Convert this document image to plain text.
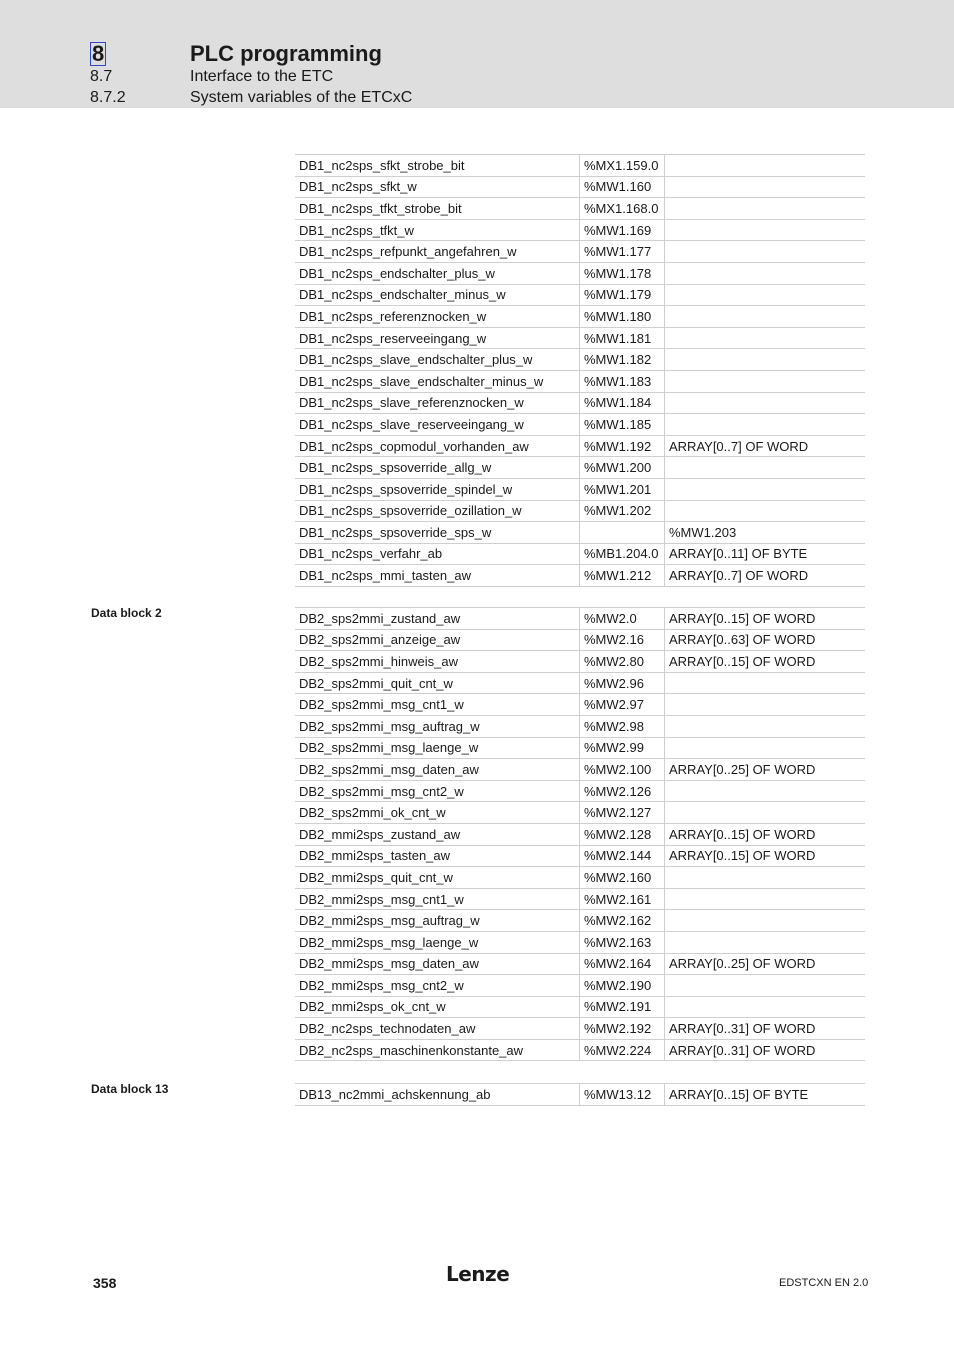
8	PLC programming
8.7	Interface to the ETC
8.7.2	System variables of the ETCxC
DB1_nc2sps_sfkt_strobe_bit	%MX1.159.0	
DB1_nc2sps_sfkt_w	%MW1.160	
DB1_nc2sps_tfkt_strobe_bit	%MX1.168.0	
DB1_nc2sps_tfkt_w	%MW1.169	
DB1_nc2sps_refpunkt_angefahren_w	%MW1.177	
DB1_nc2sps_endschalter_plus_w	%MW1.178	
DB1_nc2sps_endschalter_minus_w	%MW1.179	
DB1_nc2sps_referenznocken_w	%MW1.180	
DB1_nc2sps_reserveeingang_w	%MW1.181	
DB1_nc2sps_slave_endschalter_plus_w	%MW1.182	
DB1_nc2sps_slave_endschalter_minus_w	%MW1.183	
DB1_nc2sps_slave_referenznocken_w	%MW1.184	
DB1_nc2sps_slave_reserveeingang_w	%MW1.185	
DB1_nc2sps_copmodul_vorhanden_aw	%MW1.192	ARRAY[0..7] OF WORD
DB1_nc2sps_spsoverride_allg_w	%MW1.200	
DB1_nc2sps_spsoverride_spindel_w	%MW1.201	
DB1_nc2sps_spsoverride_ozillation_w	%MW1.202	
DB1_nc2sps_spsoverride_sps_w		%MW1.203
DB1_nc2sps_verfahr_ab	%MB1.204.0	ARRAY[0..11] OF BYTE
DB1_nc2sps_mmi_tasten_aw	%MW1.212	ARRAY[0..7] OF WORD
Data block 2	DB2_sps2mmi_zustand_aw	%MW2.0	ARRAY[0..15] OF WORD
DB2_sps2mmi_anzeige_aw	%MW2.16	ARRAY[0..63] OF WORD
DB2_sps2mmi_hinweis_aw	%MW2.80	ARRAY[0..15] OF WORD
DB2_sps2mmi_quit_cnt_w	%MW2.96	
DB2_sps2mmi_msg_cnt1_w	%MW2.97	
DB2_sps2mmi_msg_auftrag_w	%MW2.98	
DB2_sps2mmi_msg_laenge_w	%MW2.99	
DB2_sps2mmi_msg_daten_aw	%MW2.100	ARRAY[0..25] OF WORD
DB2_sps2mmi_msg_cnt2_w	%MW2.126	
DB2_sps2mmi_ok_cnt_w	%MW2.127	
DB2_mmi2sps_zustand_aw	%MW2.128	ARRAY[0..15] OF WORD
DB2_mmi2sps_tasten_aw	%MW2.144	ARRAY[0..15] OF WORD
DB2_mmi2sps_quit_cnt_w	%MW2.160	
DB2_mmi2sps_msg_cnt1_w	%MW2.161	
DB2_mmi2sps_msg_auftrag_w	%MW2.162	
DB2_mmi2sps_msg_laenge_w	%MW2.163	
DB2_mmi2sps_msg_daten_aw	%MW2.164	ARRAY[0..25] OF WORD
DB2_mmi2sps_msg_cnt2_w	%MW2.190	
DB2_mmi2sps_ok_cnt_w	%MW2.191	
DB2_nc2sps_technodaten_aw	%MW2.192	ARRAY[0..31] OF WORD
DB2_nc2sps_maschinenkonstante_aw	%MW2.224	ARRAY[0..31] OF WORD
Data block 13	DB13_nc2mmi_achskennung_ab	%MW13.12	ARRAY[0..15] OF BYTE
358	Lenze	EDSTCXN EN 2.0
